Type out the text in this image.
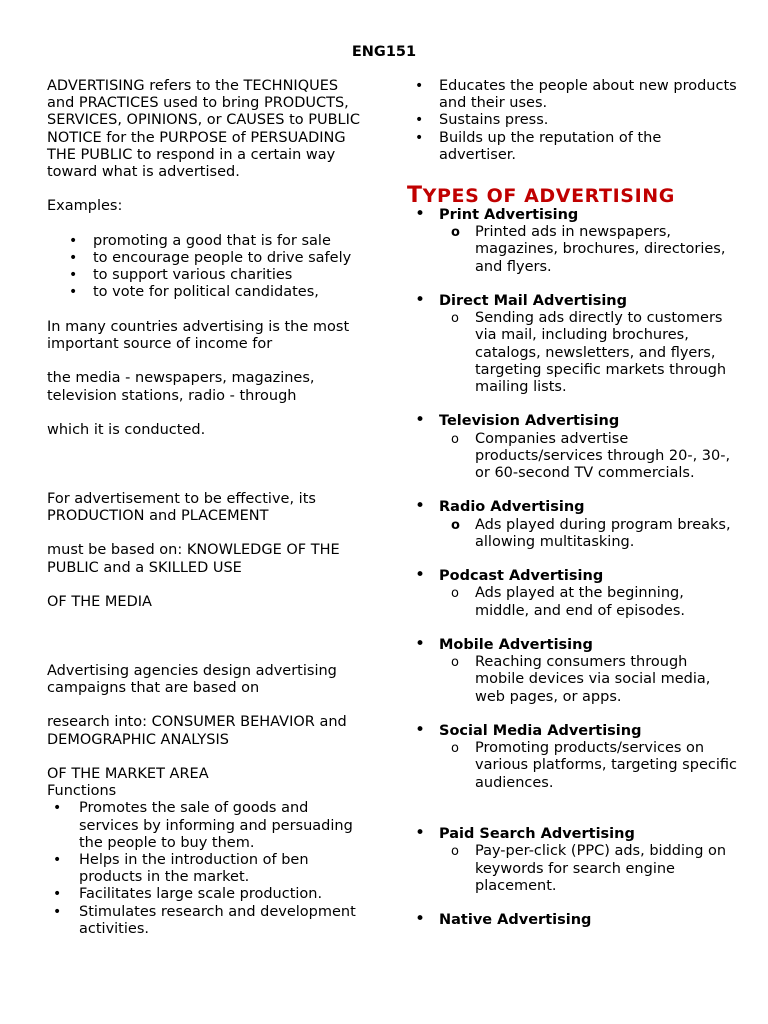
ENG151

ADVERTISING refers to the TECHNIQUES and PRACTICES used to bring PRODUCTS, SERVICES, OPINIONS, or CAUSES to PUBLIC NOTICE for the PURPOSE of PERSUADING THE PUBLIC to respond in a certain way toward what is advertised.

Examples:

• promoting a good that is for sale
• to encourage people to drive safely
• to support various charities
• to vote for political candidates,

In many countries advertising is the most important source of income for

the media - newspapers, magazines, television stations, radio - through

which it is conducted.

For advertisement to be effective, its PRODUCTION and PLACEMENT

must be based on: KNOWLEDGE OF THE PUBLIC and a SKILLED USE

OF THE MEDIA

Advertising agencies design advertising campaigns that are based on

research into: CONSUMER BEHAVIOR and DEMOGRAPHIC ANALYSIS

OF THE MARKET AREA

Functions

• Promotes the sale of goods and services by informing and persuading the people to buy them.
• Helps in the introduction of ben products in the market.
• Facilitates large scale production.
• Stimulates research and development activities.
• Educates the people about new products and their uses.
• Sustains press.
• Builds up the reputation of the advertiser.
TYPES OF ADVERTISING
• Print Advertising
o Printed ads in newspapers, magazines, brochures, directories, and flyers.
• Direct Mail Advertising
o Sending ads directly to customers via mail, including brochures, catalogs, newsletters, and flyers, targeting specific markets through mailing lists.
• Television Advertising
o Companies advertise products/services through 20-, 30-, or 60-second TV commercials.
• Radio Advertising
o Ads played during program breaks, allowing multitasking.
• Podcast Advertising
o Ads played at the beginning, middle, and end of episodes.
• Mobile Advertising
o Reaching consumers through mobile devices via social media, web pages, or apps.
• Social Media Advertising
o Promoting products/services on various platforms, targeting specific audiences.
• Paid Search Advertising
o Pay-per-click (PPC) ads, bidding on keywords for search engine placement.
• Native Advertising
